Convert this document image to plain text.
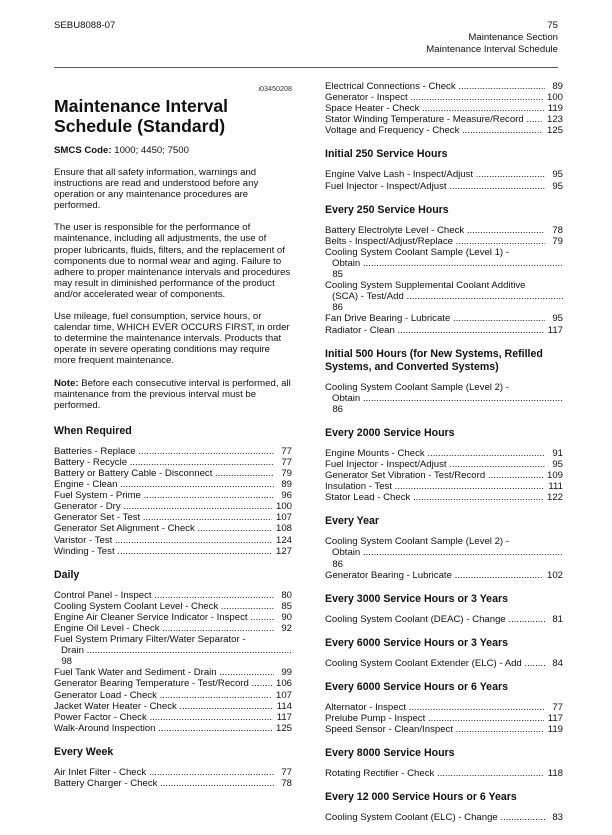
SEBU8088-07	75
Maintenance Section
Maintenance Interval Schedule
i03450208
Maintenance Interval Schedule (Standard)
SMCS Code: 1000; 4450; 7500

Ensure that all safety information, warnings and instructions are read and understood before any operation or any maintenance procedures are performed.

The user is responsible for the performance of maintenance, including all adjustments, the use of proper lubricants, fluids, filters, and the replacement of components due to normal wear and aging. Failure to adhere to proper maintenance intervals and procedures may result in diminished performance of the product and/or accelerated wear of components.

Use mileage, fuel consumption, service hours, or calendar time, WHICH EVER OCCURS FIRST, in order to determine the maintenance intervals. Products that operate in severe operating conditions may require more frequent maintenance.

Note: Before each consecutive interval is performed, all maintenance from the previous interval must be performed.

When Required
Batteries - Replace .....	77
Battery - Recycle .....	77
Battery or Battery Cable - Disconnect .....	79
Engine - Clean .....	89
Fuel System - Prime .....	96
Generator - Dry .....	100
Generator Set - Test .....	107
Generator Set Alignment - Check .....	108
Varistor - Test .....	124
Winding - Test .....	127
Daily
Control Panel - Inspect .....	80
Cooling System Coolant Level - Check .....	85
Engine Air Cleaner Service Indicator - Inspect .....	90
Engine Oil Level - Check .....	92
Fuel System Primary Filter/Water Separator -
Drain .....
98
Fuel Tank Water and Sediment - Drain .....	99
Generator Bearing Temperature - Test/Record .....	106
Generator Load - Check .....	107
Jacket Water Heater - Check .....	114
Power Factor - Check .....	117
Walk-Around Inspection .....	125
Every Week
Air Inlet Filter - Check .....	77
Battery Charger - Check .....	78
Electrical Connections - Check .....	89
Generator - Inspect .....	100
Space Heater - Check .....	119
Stator Winding Temperature - Measure/Record .....	123
Voltage and Frequency - Check .....	125
Initial 250 Service Hours
Engine Valve Lash - Inspect/Adjust .....	95
Fuel Injector - Inspect/Adjust .....	95
Every 250 Service Hours
Battery Electrolyte Level - Check .....	78
Belts - Inspect/Adjust/Replace .....	79
Cooling System Coolant Sample (Level 1) -
Obtain .....
85
Cooling System Supplemental Coolant Additive
(SCA) - Test/Add .....
86
Fan Drive Bearing - Lubricate .....	95
Radiator - Clean .....	117
Initial 500 Hours (for New Systems, Refilled Systems, and Converted Systems)
Cooling System Coolant Sample (Level 2) -
Obtain .....
86
Every 2000 Service Hours
Engine Mounts - Check .....	91
Fuel Injector - Inspect/Adjust .....	95
Generator Set Vibration - Test/Record .....	109
Insulation - Test .....	111
Stator Lead - Check .....	122
Every Year
Cooling System Coolant Sample (Level 2) -
Obtain .....
86
Generator Bearing - Lubricate .....	102
Every 3000 Service Hours or 3 Years
Cooling System Coolant (DEAC) - Change .....	81
Every 6000 Service Hours or 3 Years
Cooling System Coolant Extender (ELC) - Add .....	84
Every 6000 Service Hours or 6 Years
Alternator - Inspect .....	77
Prelube Pump - Inspect .....	117
Speed Sensor - Clean/Inspect .....	119
Every 8000 Service Hours
Rotating Rectifier - Check .....	118
Every 12 000 Service Hours or 6 Years
Cooling System Coolant (ELC) - Change .....	83
